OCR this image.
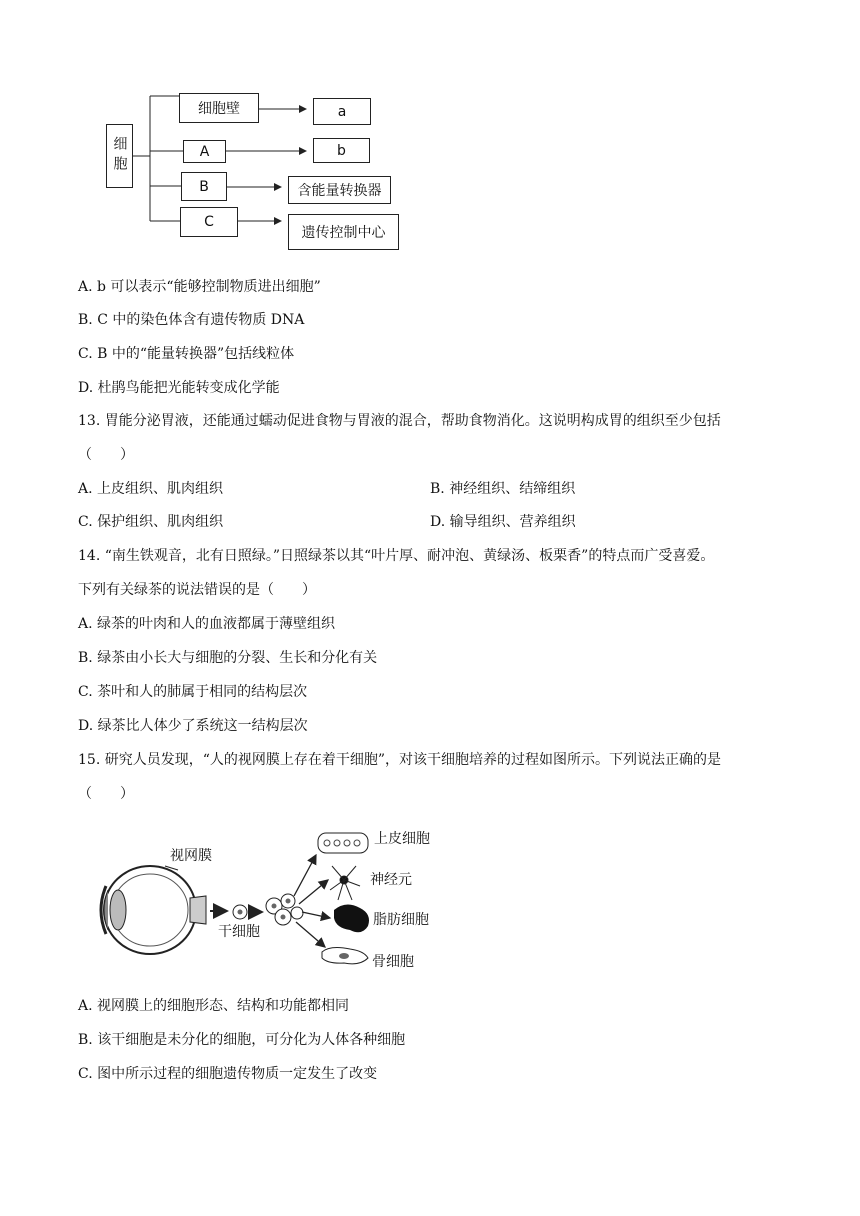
细胞
细胞壁
A
B
C
a
b
含能量转换器
遗传控制中心
A. b 可以表示“能够控制物质进出细胞”
B. C 中的染色体含有遗传物质 DNA
C. B 中的“能量转换器”包括线粒体
D. 杜鹃鸟能把光能转变成化学能
13. 胃能分泌胃液，还能通过蠕动促进食物与胃液的混合，帮助食物消化。这说明构成胃的组织至少包括
（　　）
A. 上皮组织、肌肉组织	B. 神经组织、结缔组织
C. 保护组织、肌肉组织	D. 输导组织、营养组织
14. “南生铁观音，北有日照绿。”日照绿茶以其“叶片厚、耐冲泡、黄绿汤、板栗香”的特点而广受喜爱。
下列有关绿茶的说法错误的是（　　）
A. 绿茶的叶肉和人的血液都属于薄壁组织
B. 绿茶由小长大与细胞的分裂、生长和分化有关
C. 茶叶和人的肺属于相同的结构层次
D. 绿茶比人体少了系统这一结构层次
15. 研究人员发现，“人的视网膜上存在着干细胞”，对该干细胞培养的过程如图所示。下列说法正确的是
（　　）
视网膜
干细胞
上皮细胞
神经元
脂肪细胞
骨细胞
A. 视网膜上的细胞形态、结构和功能都相同
B. 该干细胞是未分化的细胞，可分化为人体各种细胞
C. 图中所示过程的细胞遗传物质一定发生了改变
